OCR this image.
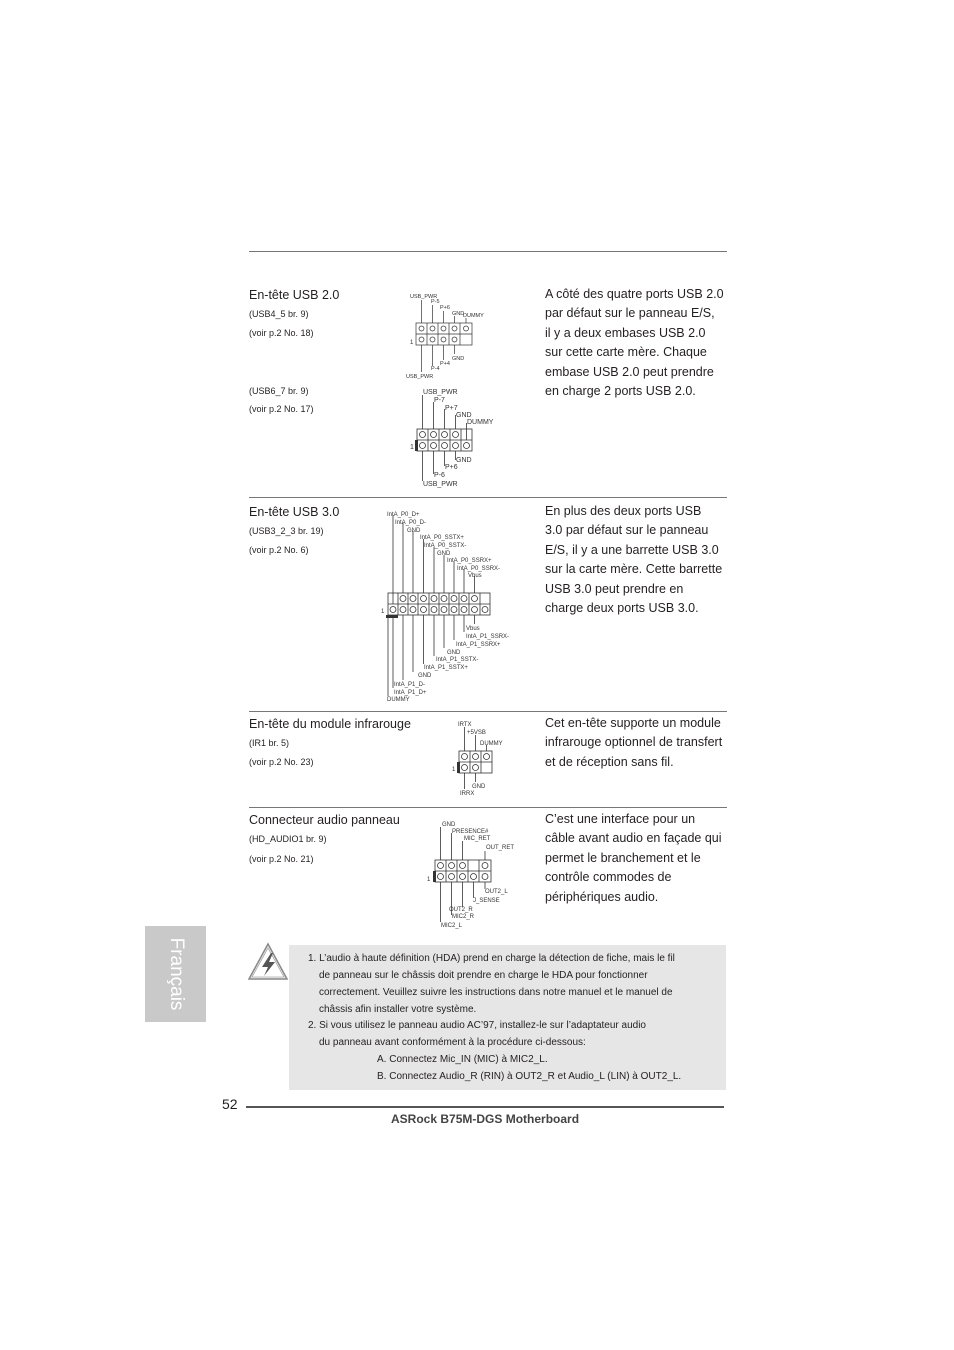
En-tête USB 2.0
(USB4_5 br. 9)
(voir p.2 No. 18)
(USB6_7 br. 9)
(voir p.2 No. 17)
A côté des quatre ports USB 2.0
par défaut sur le panneau E/S,
il y a deux embases USB 2.0
sur cette carte mère. Chaque
embase USB 2.0 peut prendre
en charge 2 ports USB 2.0.
USB_PWR
P-5
P+6
GND
DUMMY
1
GND
P+4
P-4
USB_PWR
USB_PWR
P-7
P+7
GND
DUMMY
1
GND
P+6
P-6
USB_PWR
En-tête USB 3.0
(USB3_2_3 br. 19)
(voir p.2 No. 6)
En plus des deux ports USB
3.0 par défaut sur le panneau
E/S, il y a une barrette USB 3.0
sur la carte mère. Cette barrette
USB 3.0 peut prendre en
charge deux ports USB 3.0.
IntA_P0_D+
IntA_P0_D-
GND
IntA_P0_SSTX+
IntA_P0_SSTX-
GND
IntA_P0_SSRX+
IntA_P0_SSRX-
Vbus
1
Vbus
IntA_P1_SSRX-
IntA_P1_SSRX+
GND
IntA_P1_SSTX-
IntA_P1_SSTX+
GND
IntA_P1_D-
IntA_P1_D+
DUMMY
En-tête du module infrarouge
(IR1 br. 5)
(voir p.2 No. 23)
Cet en-tête supporte un module
infrarouge optionnel de transfert
et de réception sans fil.
IRTX
+5VSB
DUMMY
1
GND
IRRX
Connecteur audio panneau
(HD_AUDIO1 br. 9)
(voir p.2 No. 21)
C’est une interface pour un
câble avant audio en façade qui
permet le branchement et le
contrôle commodes de
périphériques audio.
GND
PRESENCE#
MIC_RET
OUT_RET
1
OUT2_L
J_SENSE
OUT2_R
MIC2_R
MIC2_L
Français	1. L’audio à haute définition (HDA) prend en charge la détection de fiche, mais le fil
de panneau sur le châssis doit prendre en charge le HDA pour fonctionner
correctement. Veuillez suivre les instructions dans notre manuel et le manuel de
châssis afin installer votre système.
2. Si vous utilisez le panneau audio AC’97, installez-le sur l’adaptateur audio
du panneau avant conformément à la procédure ci-dessous:
A. Connectez Mic_IN (MIC) à MIC2_L.
B. Connectez Audio_R (RIN) à OUT2_R et Audio_L (LIN) à OUT2_L.
52
ASRock B75M-DGS Motherboard
